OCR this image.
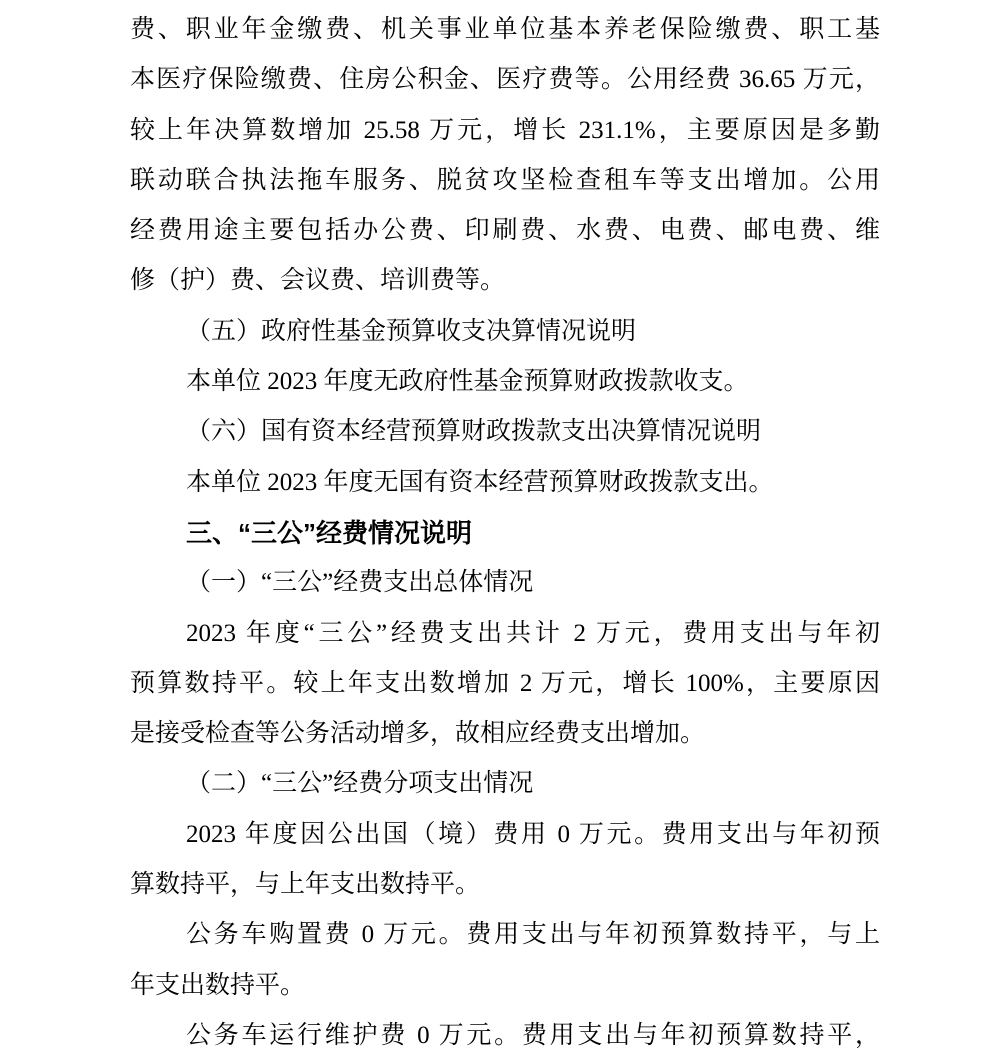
费、职业年金缴费、机关事业单位基本养老保险缴费、职工基
本医疗保险缴费、住房公积金、医疗费等。公用经费 36.65 万元，
较上年决算数增加 25.58 万元，增长 231.1%，主要原因是多勤
联动联合执法拖车服务、脱贫攻坚检查租车等支出增加。公用
经费用途主要包括办公费、印刷费、水费、电费、邮电费、维
修（护）费、会议费、培训费等。
（五）政府性基金预算收支决算情况说明
本单位 2023 年度无政府性基金预算财政拨款收支。
（六）国有资本经营预算财政拨款支出决算情况说明
本单位 2023 年度无国有资本经营预算财政拨款支出。
三、“三公”经费情况说明
（一）“三公”经费支出总体情况
2023 年度“三公”经费支出共计 2 万元，费用支出与年初
预算数持平。较上年支出数增加 2 万元，增长 100%，主要原因
是接受检查等公务活动增多，故相应经费支出增加。
（二）“三公”经费分项支出情况
2023 年度因公出国（境）费用 0 万元。费用支出与年初预
算数持平，与上年支出数持平。
公务车购置费 0 万元。费用支出与年初预算数持平，与上
年支出数持平。
公务车运行维护费 0 万元。费用支出与年初预算数持平，
